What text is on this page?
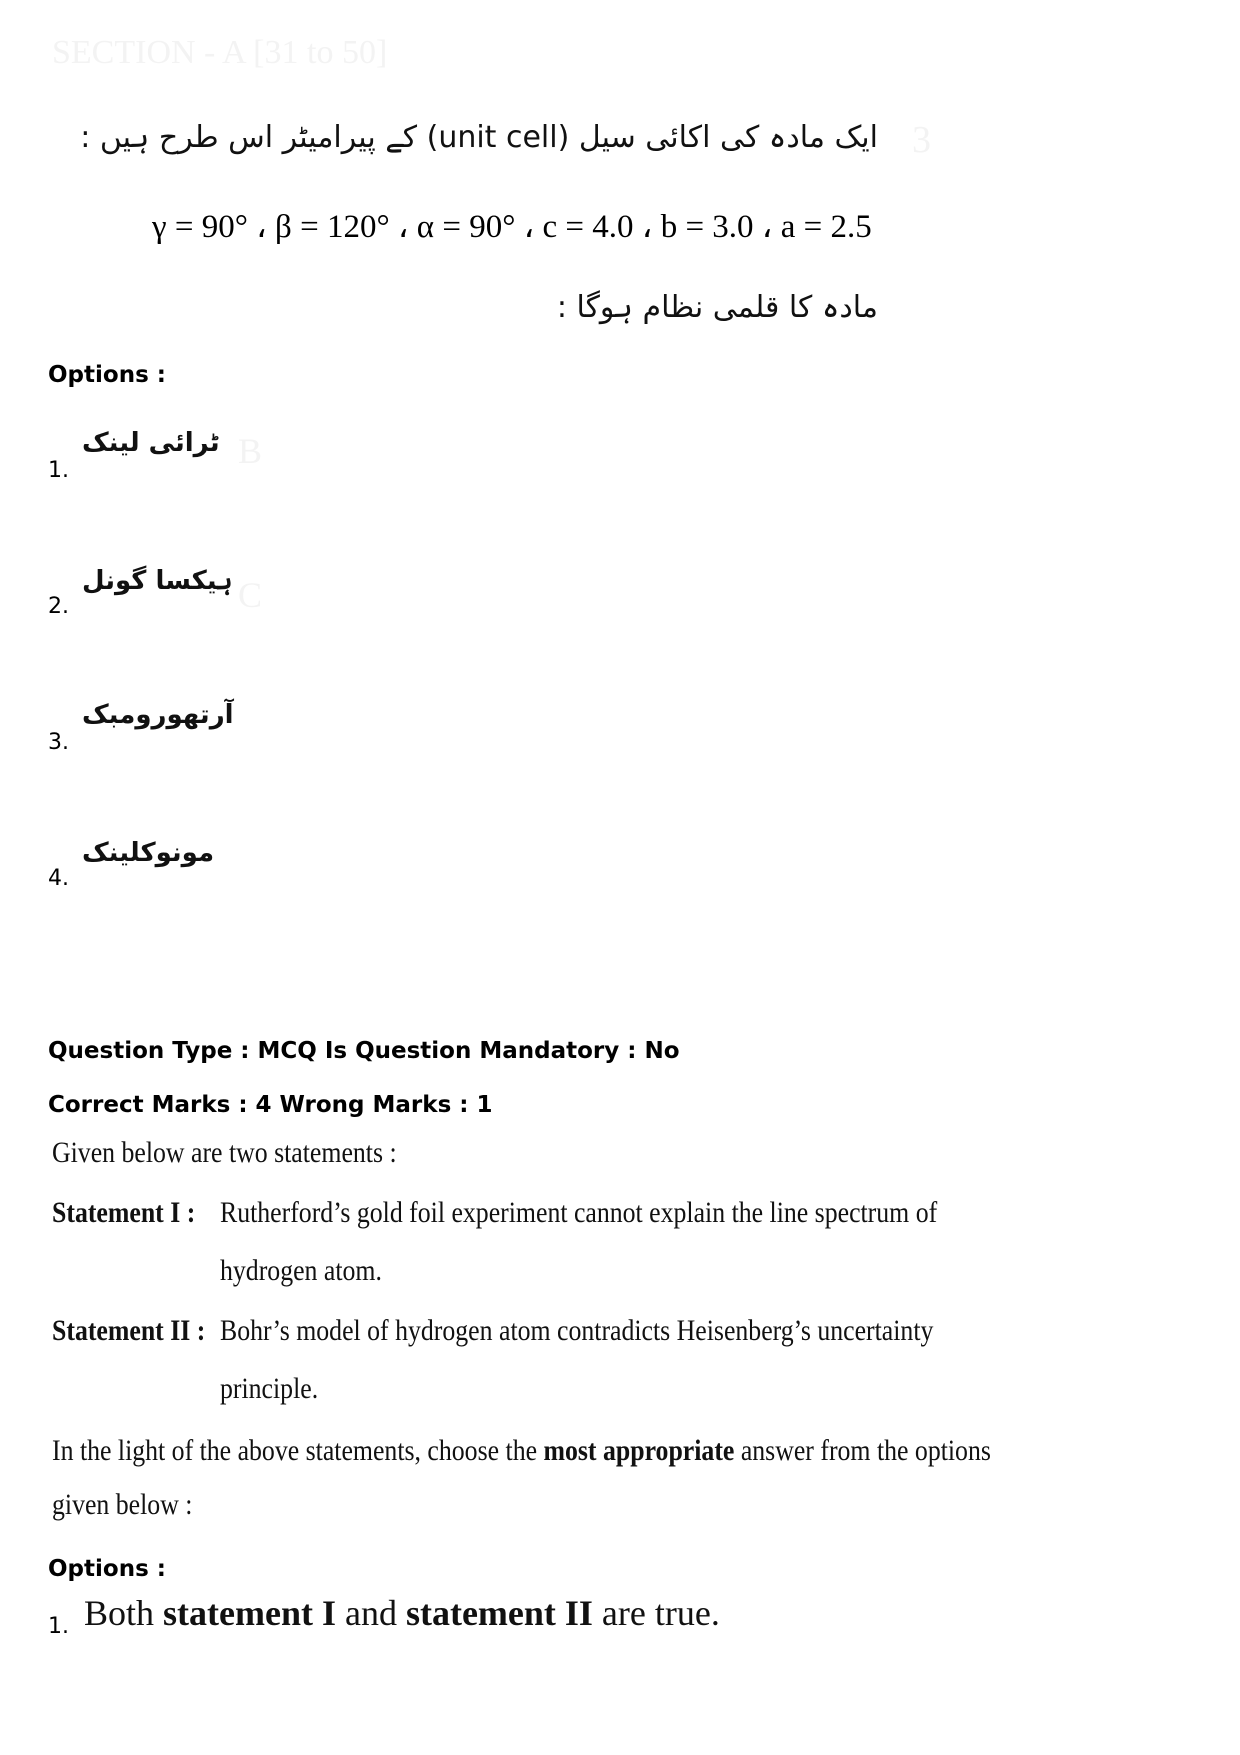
SECTION - A [31 to 50]
3
ایک مادہ کی اکائی سیل (unit cell) کے پیرامیٹر اس طرح ہیں :
γ = 90° ، β = 120° ، α = 90° ، c = 4.0 ، b = 3.0 ، a = 2.5
مادہ کا قلمی نظام ہوگا :
Options :
1.
ٹرائی لینک B
2.
ہیکسا گونل C
3.
آرتھورومبک
4.
مونوکلینک
Question Type : MCQ Is Question Mandatory : No
Correct Marks : 4 Wrong Marks : 1
Given below are two statements :
Statement I : Rutherford’s gold foil experiment cannot explain the line spectrum of
hydrogen atom.
Statement II : Bohr’s model of hydrogen atom contradicts Heisenberg’s uncertainty
principle.
In the light of the above statements, choose the most appropriate answer from the options
given below :
Options :
1. Both statement I and statement II are true.
